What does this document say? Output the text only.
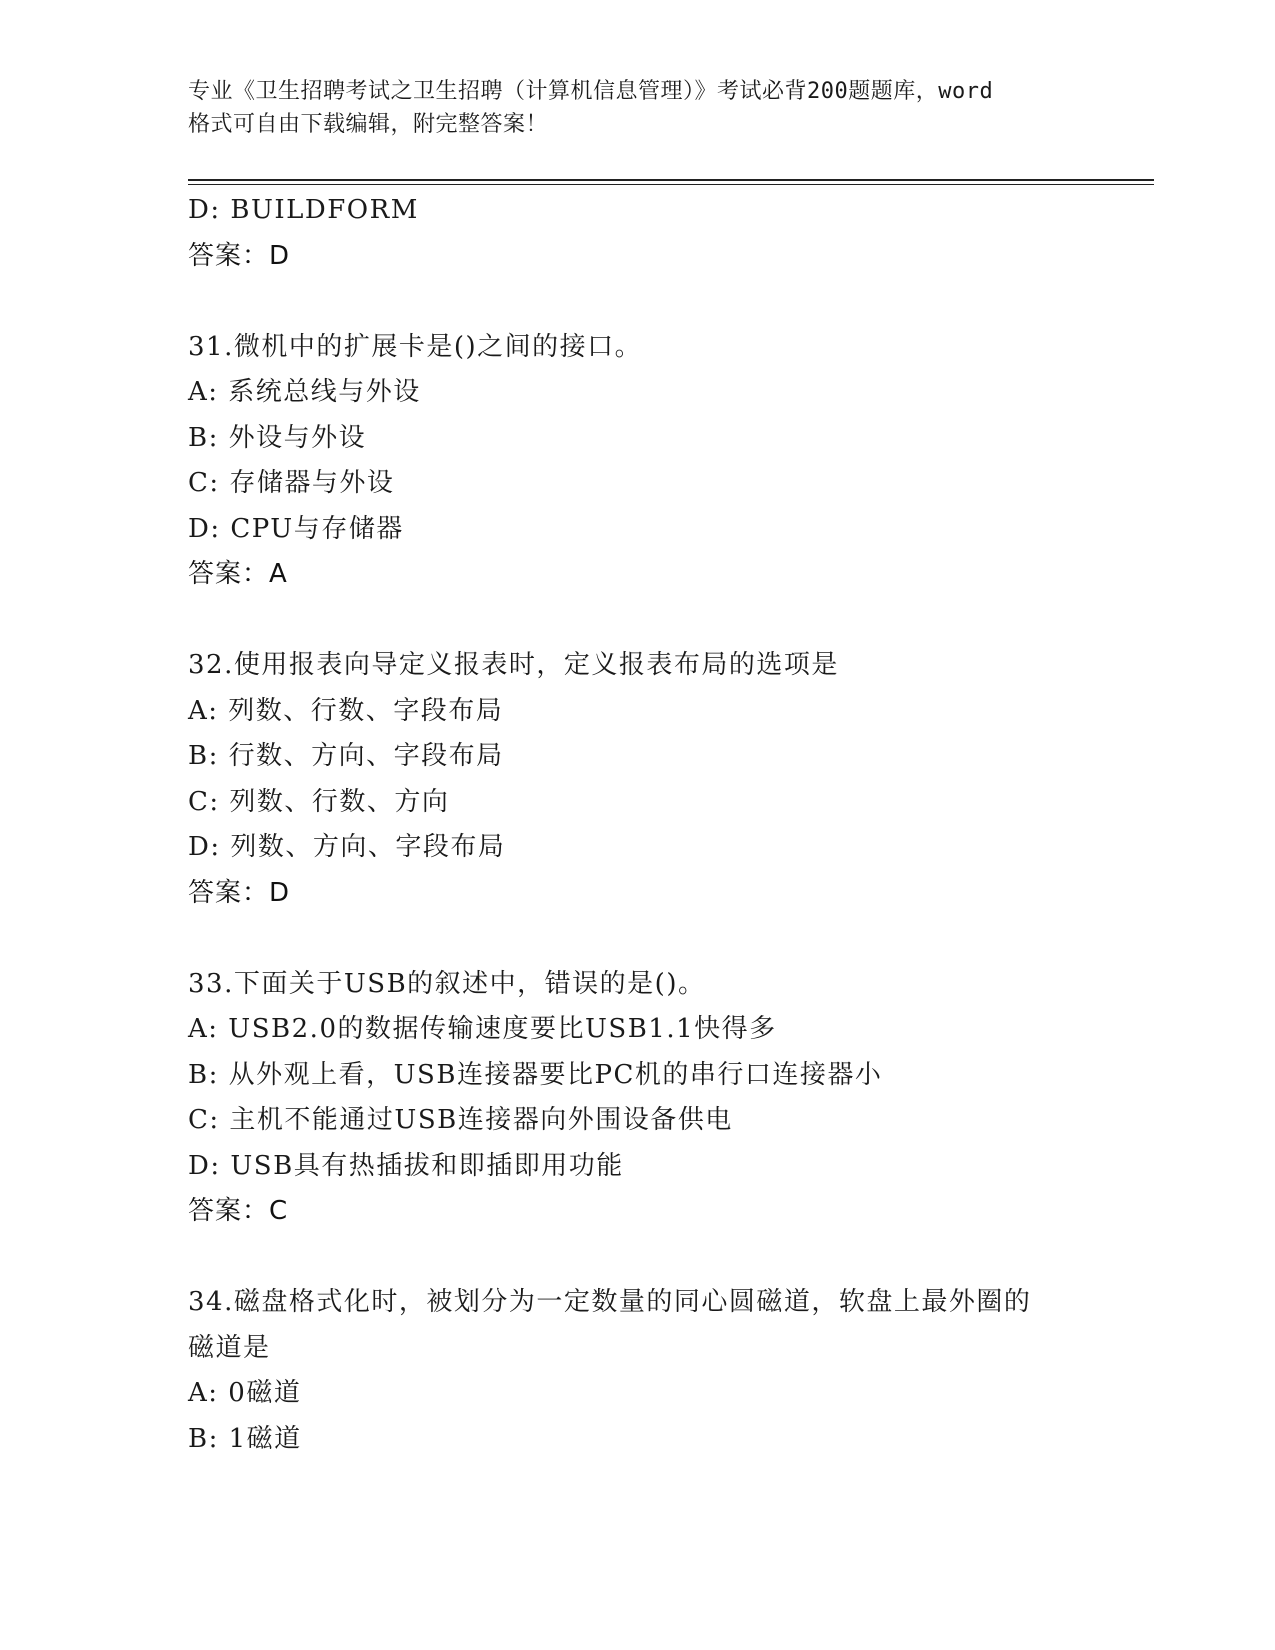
专业《卫生招聘考试之卫生招聘（计算机信息管理）》考试必背200题题库，word
格式可自由下载编辑，附完整答案！
D: BUILDFORM
答案：D
31.微机中的扩展卡是()之间的接口。
A: 系统总线与外设
B: 外设与外设
C: 存储器与外设
D: CPU与存储器
答案：A
32.使用报表向导定义报表时，定义报表布局的选项是
A: 列数、行数、字段布局
B: 行数、方向、字段布局
C: 列数、行数、方向
D: 列数、方向、字段布局
答案：D
33.下面关于USB的叙述中，错误的是()。
A: USB2.0的数据传输速度要比USB1.1快得多
B: 从外观上看，USB连接器要比PC机的串行口连接器小
C: 主机不能通过USB连接器向外围设备供电
D: USB具有热插拔和即插即用功能
答案：C
34.磁盘格式化时，被划分为一定数量的同心圆磁道，软盘上最外圈的
磁道是
A: 0磁道
B: 1磁道
